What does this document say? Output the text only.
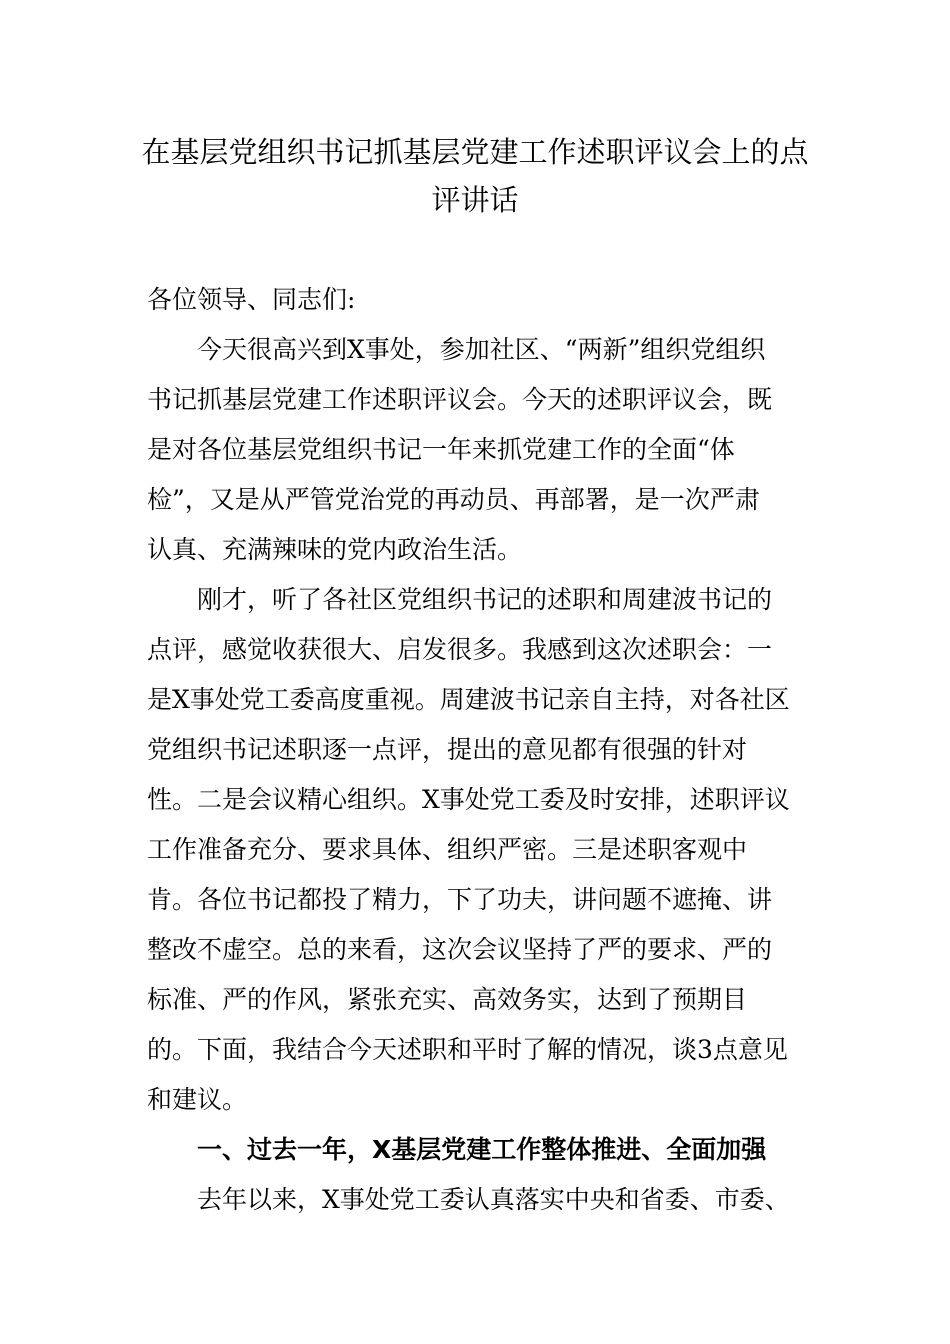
在基层党组织书记抓基层党建工作述职评议会上的点
评讲话
各位领导、同志们:
今天很高兴到X事处，参加社区、“两新”组织党组织
书记抓基层党建工作述职评议会。今天的述职评议会，既
是对各位基层党组织书记一年来抓党建工作的全面“体
检”，又是从严管党治党的再动员、再部署，是一次严肃
认真、充满辣味的党内政治生活。
刚才，听了各社区党组织书记的述职和周建波书记的
点评，感觉收获很大、启发很多。我感到这次述职会：一
是X事处党工委高度重视。周建波书记亲自主持，对各社区
党组织书记述职逐一点评，提出的意见都有很强的针对
性。二是会议精心组织。X事处党工委及时安排，述职评议
工作准备充分、要求具体、组织严密。三是述职客观中
肯。各位书记都投了精力，下了功夫，讲问题不遮掩、讲
整改不虚空。总的来看，这次会议坚持了严的要求、严的
标准、严的作风，紧张充实、高效务实，达到了预期目
的。下面，我结合今天述职和平时了解的情况，谈3点意见
和建议。
一、过去一年，X基层党建工作整体推进、全面加强
去年以来，X事处党工委认真落实中央和省委、市委、
